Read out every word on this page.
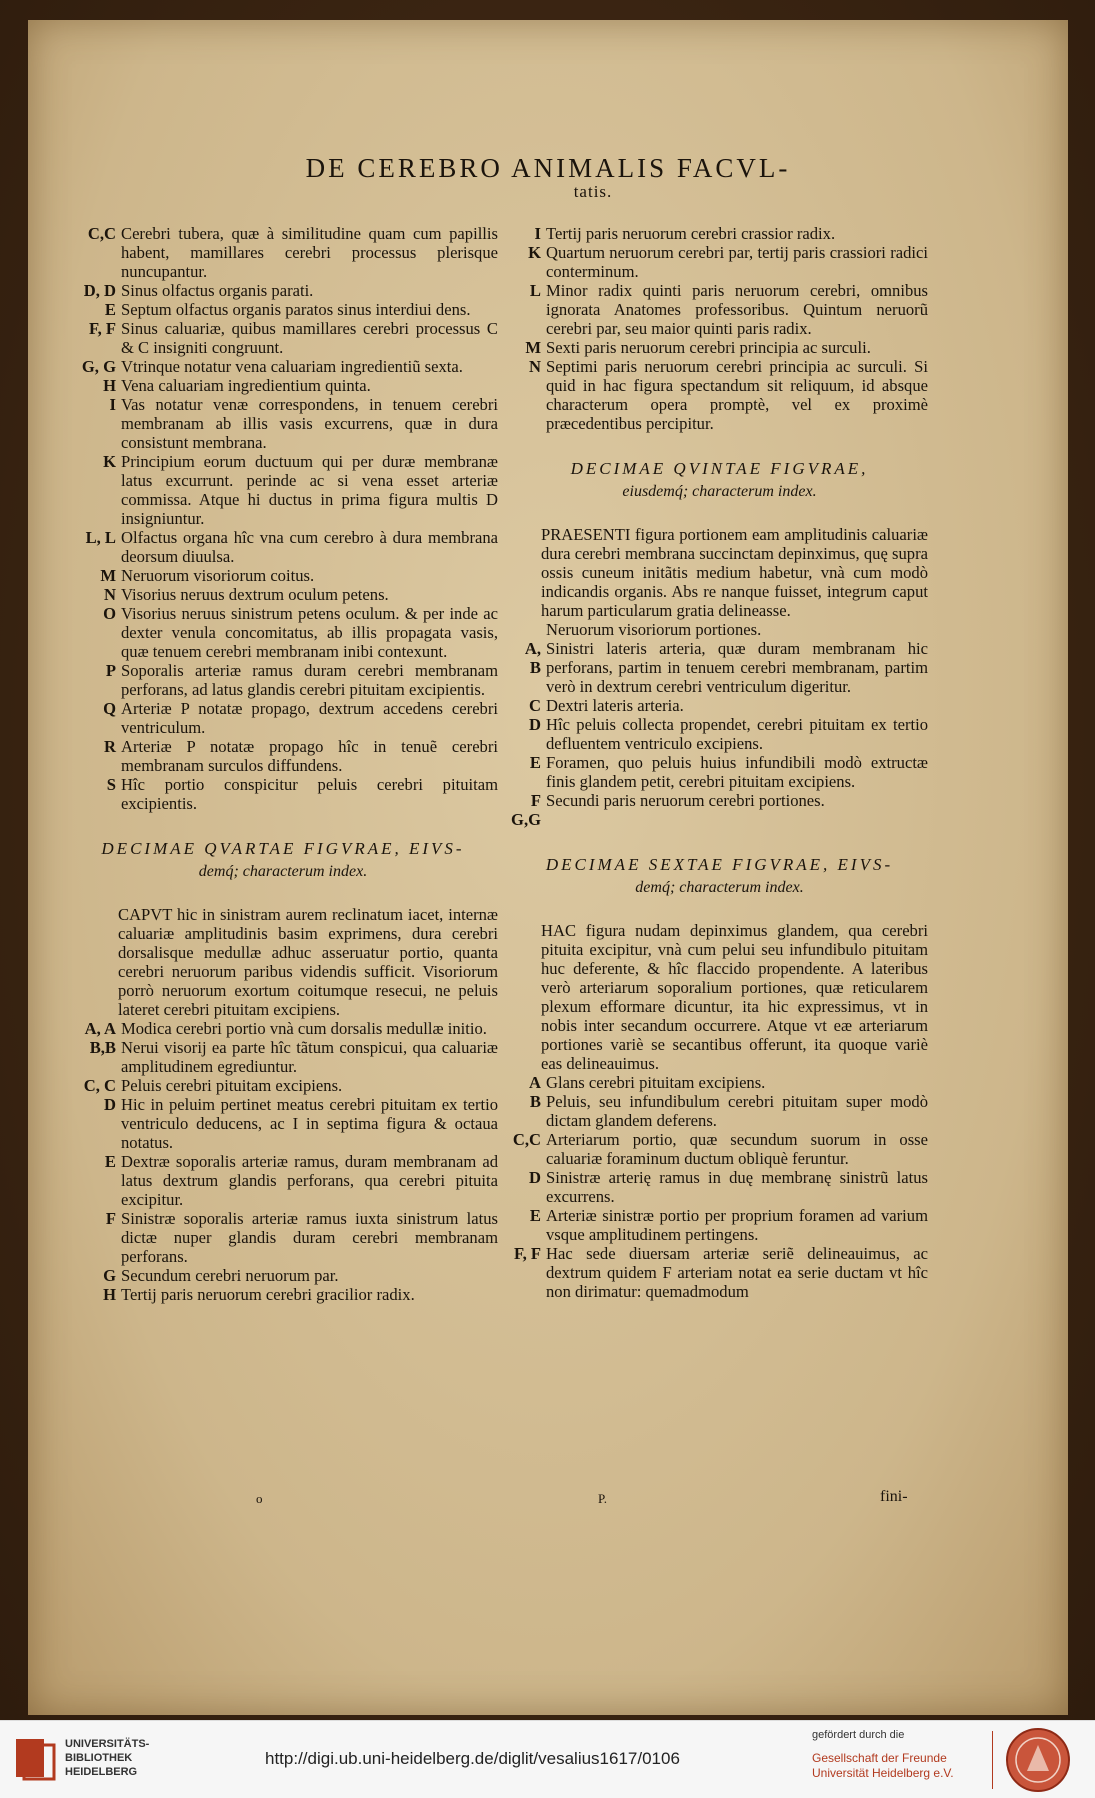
DE CEREBRO ANIMALIS FACVL-
tatis.
C,C Cerebri tubera, quæ à similitudine quam cum papillis habent, mamillares cerebri processus plerisque nuncupantur.
D, D Sinus olfactus organis parati.
E Septum olfactus organis paratos sinus interdiui dens.
F, F Sinus caluariæ, quibus mamillares cerebri processus C & C insigniti congruunt.
G, G Vtrinque notatur vena caluariam ingredientiũ sexta.
H Vena caluariam ingredientium quinta.
I Vas notatur venæ correspondens, in tenuem cerebri membranam ab illis vasis excurrens, quæ in dura consistunt membrana.
K Principium eorum ductuum qui per duræ membranæ latus excurrunt. perinde ac si vena esset arteriæ commissa. Atque hi ductus in prima figura multis D insigniuntur.
L, L Olfactus organa hîc vna cum cerebro à dura membrana deorsum diuulsa.
M Neruorum visoriorum coitus.
N Visorius neruus dextrum oculum petens.
O Visorius neruus sinistrum petens oculum. & per inde ac dexter venula concomitatus, ab illis propagata vasis, quæ tenuem cerebri membranam inibi contexunt.
P Soporalis arteriæ ramus duram cerebri membranam perforans, ad latus glandis cerebri pituitam excipientis.
Q Arteriæ P notatæ propago, dextrum accedens cerebri ventriculum.
R Arteriæ P notatæ propago hîc in tenuẽ cerebri membranam surculos diffundens.
S Hîc portio conspicitur peluis cerebri pituitam excipientis.
DECIMAE QVARTAE FIGVRAE, EIVS-
demq́; characterum index.
CAPVT hic in sinistram aurem reclinatum iacet, internæ caluariæ amplitudinis basim exprimens, dura cerebri dorsalisque medullæ adhuc asseruatur portio, quanta cerebri neruorum paribus videndis sufficit. Visoriorum porrò neruorum exortum coitumque resecui, ne peluis lateret cerebri pituitam excipiens.
A, A Modica cerebri portio vnà cum dorsalis medullæ initio.
B,B Nerui visorij ea parte hîc tãtum conspicui, qua caluariæ amplitudinem egrediuntur.
C, C Peluis cerebri pituitam excipiens.
D Hic in peluim pertinet meatus cerebri pituitam ex tertio ventriculo deducens, ac I in septima figura & octaua notatus.
E Dextræ soporalis arteriæ ramus, duram membranam ad latus dextrum glandis perforans, qua cerebri pituita excipitur.
F Sinistræ soporalis arteriæ ramus iuxta sinistrum latus dictæ nuper glandis duram cerebri membranam perforans.
G Secundum cerebri neruorum par.
H Tertij paris neruorum cerebri gracilior radix.
I Tertij paris neruorum cerebri crassior radix.
K Quartum neruorum cerebri par, tertij paris crassiori radici conterminum.
L Minor radix quinti paris neruorum cerebri, omnibus ignorata Anatomes professoribus. Quintum neruorũ cerebri par, seu maior quinti paris radix.
M Sexti paris neruorum cerebri principia ac surculi.
N Septimi paris neruorum cerebri principia ac surculi. Si quid in hac figura spectandum sit reliquum, id absque characterum opera promptè, vel ex proximè præcedentibus percipitur.
DECIMAE QVINTAE FIGVRAE,
eiusdemq́; characterum index.
PRAESENTI figura portionem eam amplitudinis caluariæ dura cerebri membrana succinctam depinximus, quę supra ossis cuneum initãtis medium habetur, vnà cum modò indicandis organis. Abs re nanque fuisset, integrum caput harum particularum gratia delineasse.
Neruorum visoriorum portiones.
A, B
Sinistri lateris arteria, quæ duram membranam hic perforans, partim in tenuem cerebri membranam, partim verò in dextrum cerebri ventriculum digeritur.
C Dextri lateris arteria.
D Hîc peluis collecta propendet, cerebri pituitam ex tertio defluentem ventriculo excipiens.
E Foramen, quo peluis huius infundibili modò extructæ finis glandem petit, cerebri pituitam excipiens.
F Secundi paris neruorum cerebri portiones.
G,G
DECIMAE SEXTAE FIGVRAE, EIVS-
demq́; characterum index.
HAC figura nudam depinximus glandem, qua cerebri pituita excipitur, vnà cum pelui seu infundibulo pituitam huc deferente, & hîc flaccido propendente. A lateribus verò arteriarum soporalium portiones, quæ reticularem plexum efformare dicuntur, ita hic expressimus, vt in nobis inter secandum occurrere. Atque vt eæ arteriarum portiones variè se secantibus offerunt, ita quoque variè eas delineauimus.
A Glans cerebri pituitam excipiens.
B Peluis, seu infundibulum cerebri pituitam super modò dictam glandem deferens.
C,C Arteriarum portio, quæ secundum suorum in osse caluariæ foraminum ductum obliquè feruntur.
D Sinistræ arterię ramus in duę membranę sinistrũ latus excurrens.
E Arteriæ sinistræ portio per proprium foramen ad varium vsque amplitudinem pertingens.
F, F Hac sede diuersam arteriæ seriẽ delineauimus, ac dextrum quidem F arteriam notat ea serie ductam vt hîc non dirimatur: quemadmodum
o	P.	fini-
UNIVERSITÄTS-
BIBLIOTHEK
HEIDELBERG
http://digi.ub.uni-heidelberg.de/diglit/vesalius1617/0106
gefördert durch die
Gesellschaft der Freunde
Universität Heidelberg e.V.
